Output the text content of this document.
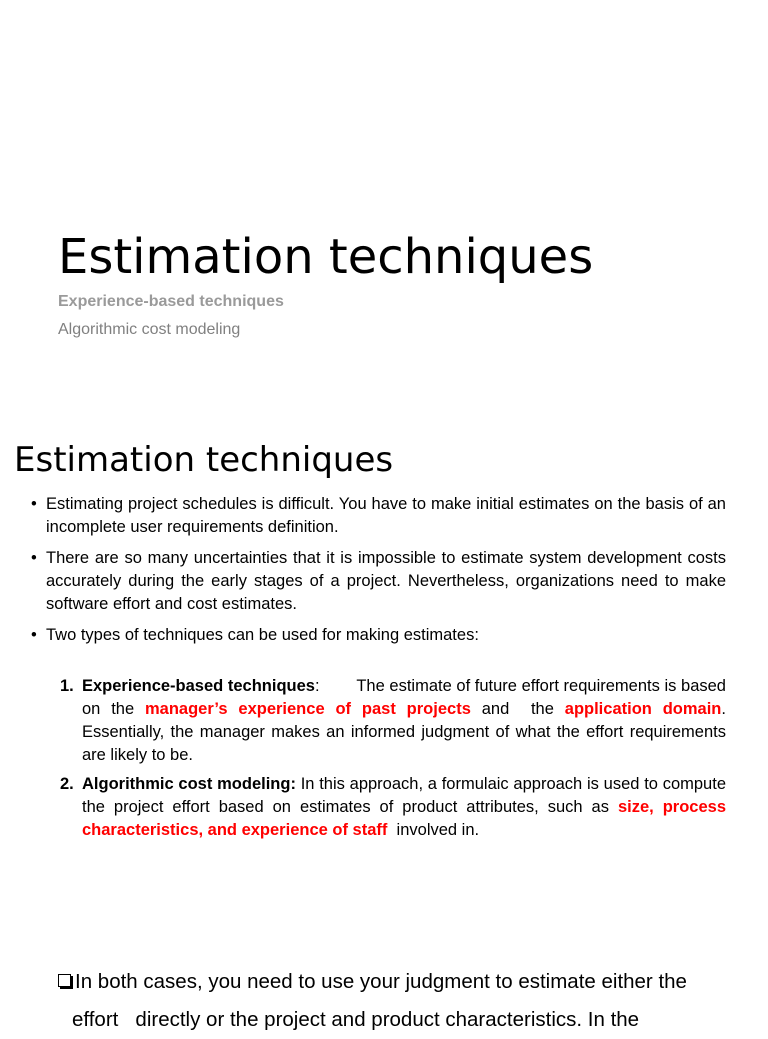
Estimation techniques

Experience-based techniques

Algorithmic cost modeling

Estimation techniques

• Estimating project schedules is difficult. You have to make initial estimates on the basis of an incomplete user requirements definition.

• There are so many uncertainties that it is impossible to estimate system development costs accurately during the early stages of a project. Nevertheless, organizations need to make software effort and cost estimates.

• Two types of techniques can be used for making estimates:

1. Experience-based techniques:        The estimate of future effort requirements is based on the manager’s experience of past projects and  the application domain. Essentially, the manager makes an informed judgment of what the effort requirements are likely to be.

2. Algorithmic cost modeling: In this approach, a formulaic approach is used to compute the project effort based on estimates of product attributes, such as size, process characteristics, and experience of staff  involved in.

In both cases, you need to use your judgment to estimate either the
effort   directly or the project and product characteristics. In the
